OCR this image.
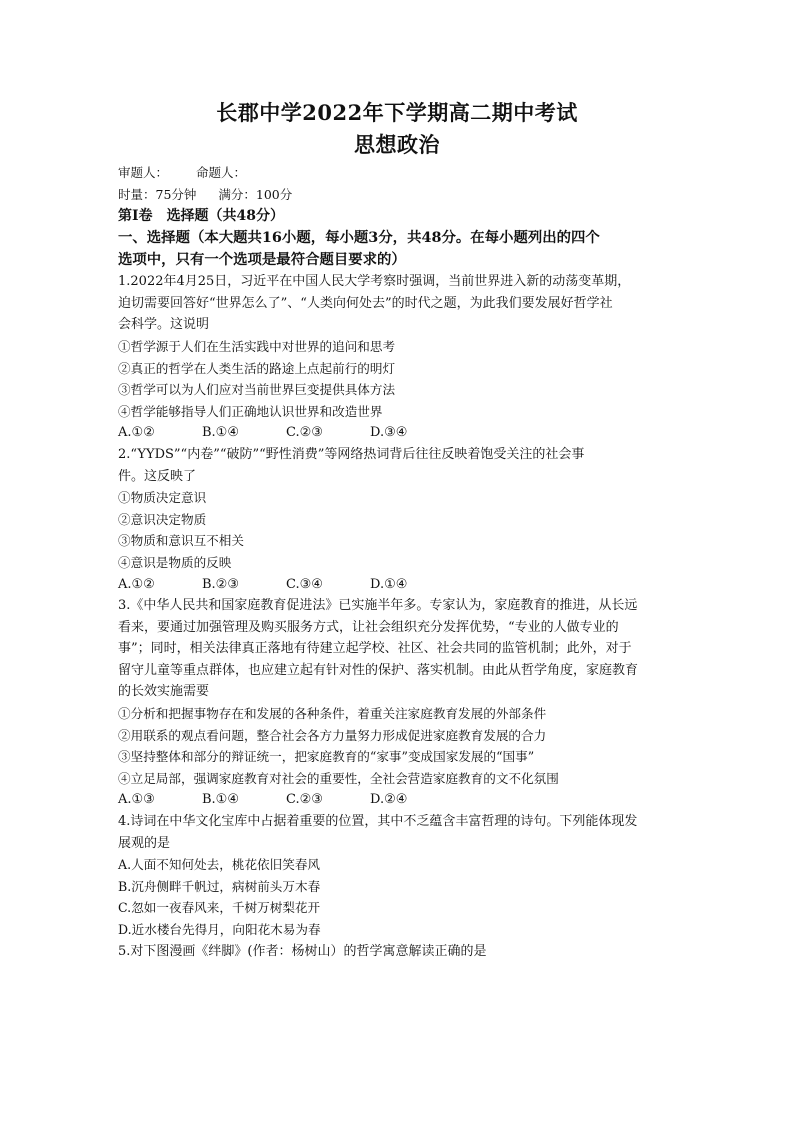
长郡中学2022年下学期高二期中考试
思想政治
审题人： 命题人：
时量：75分钟 满分：100分
第Ⅰ卷 选择题（共48分）
一、选择题（本大题共16小题，每小题3分，共48分。在每小题列出的四个
选项中，只有一个选项是最符合题目要求的）
1.2022年4月25日，习近平在中国人民大学考察时强调，当前世界进入新的动荡变革期，
迫切需要回答好“世界怎么了”、“人类向何处去”的时代之题，为此我们要发展好哲学社
会科学。这说明
①哲学源于人们在生活实践中对世界的追问和思考
②真正的哲学在人类生活的路途上点起前行的明灯
③哲学可以为人们应对当前世界巨变提供具体方法
④哲学能够指导人们正确地认识世界和改造世界
A.①②	B.①④	C.②③	D.③④
2.“YYDS”“内卷”“破防”“野性消费”等网络热词背后往往反映着饱受关注的社会事
件。这反映了
①物质决定意识
②意识决定物质
③物质和意识互不相关
④意识是物质的反映
A.①②	B.②③	C.③④	D.①④
3.《中华人民共和国家庭教育促进法》已实施半年多。专家认为，家庭教育的推进，从长远
看来，要通过加强管理及购买服务方式，让社会组织充分发挥优势，“专业的人做专业的
事”；同时，相关法律真正落地有待建立起学校、社区、社会共同的监管机制；此外，对于
留守儿童等重点群体，也应建立起有针对性的保护、落实机制。由此从哲学角度，家庭教育
的长效实施需要
①分析和把握事物存在和发展的各种条件，着重关注家庭教育发展的外部条件
②用联系的观点看问题，整合社会各方力量努力形成促进家庭教育发展的合力
③坚持整体和部分的辩证统一，把家庭教育的“家事”变成国家发展的“国事”
④立足局部，强调家庭教育对社会的重要性，全社会营造家庭教育的文不化氛围
A.①③	B.①④	C.②③	D.②④
4.诗词在中华文化宝库中占据着重要的位置，其中不乏蕴含丰富哲理的诗句。下列能体现发
展观的是
A.人面不知何处去，桃花依旧笑春风
B.沉舟侧畔千帆过，病树前头万木春
C.忽如一夜春风来，千树万树梨花开
D.近水楼台先得月，向阳花木易为春
5.对下图漫画《绊脚》(作者：杨树山）的哲学寓意解读正确的是
